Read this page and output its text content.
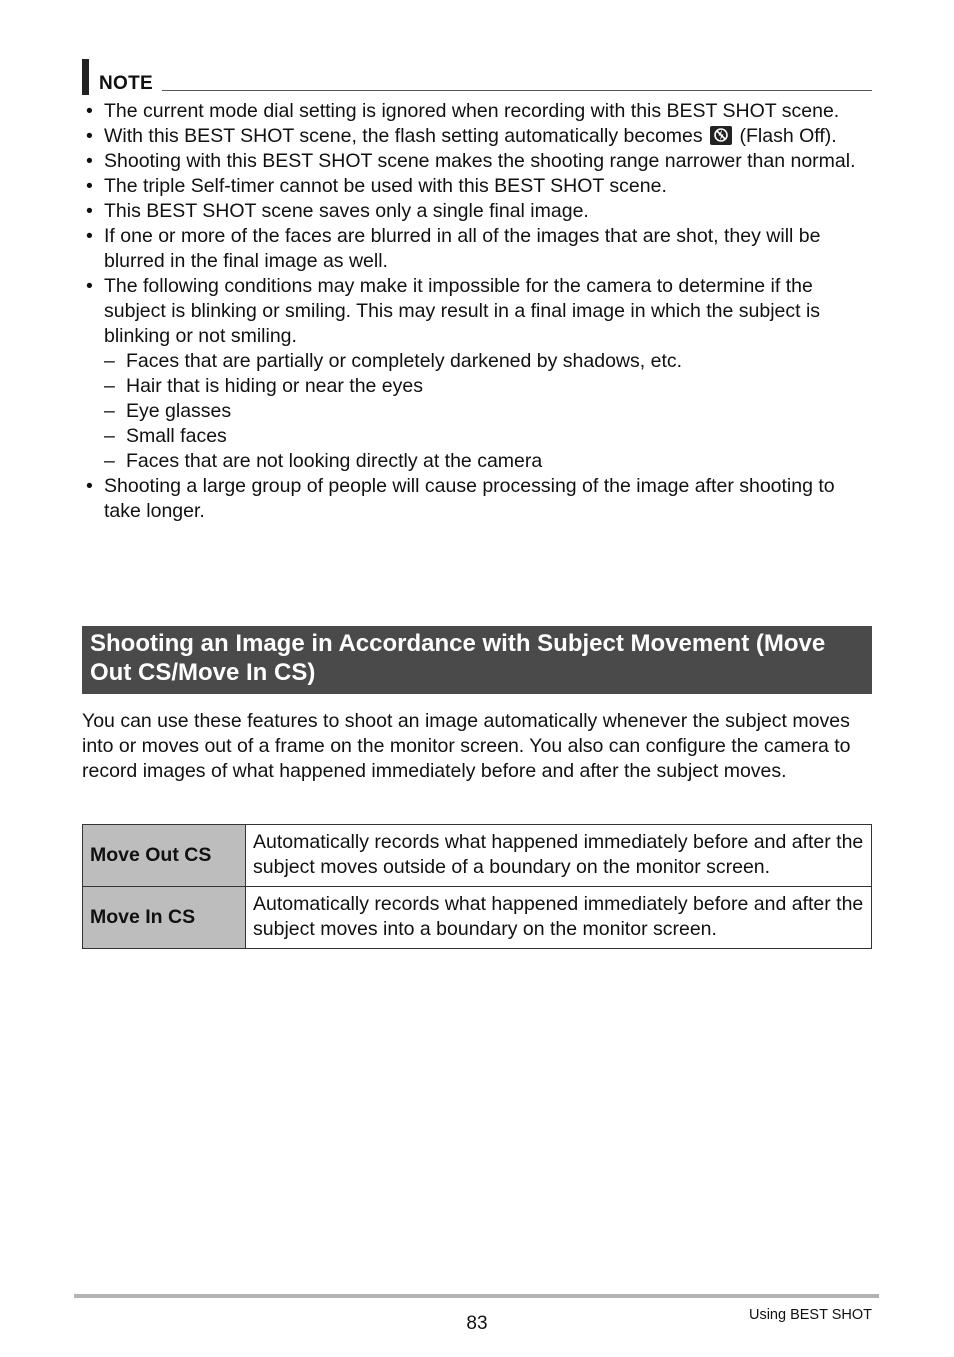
NOTE
• The current mode dial setting is ignored when recording with this BEST SHOT scene.
• With this BEST SHOT scene, the flash setting automatically becomes (Flash Off).
• Shooting with this BEST SHOT scene makes the shooting range narrower than normal.
• The triple Self-timer cannot be used with this BEST SHOT scene.
• This BEST SHOT scene saves only a single final image.
• If one or more of the faces are blurred in all of the images that are shot, they will be blurred in the final image as well.
• The following conditions may make it impossible for the camera to determine if the subject is blinking or smiling. This may result in a final image in which the subject is blinking or not smiling.
– Faces that are partially or completely darkened by shadows, etc.
– Hair that is hiding or near the eyes
– Eye glasses
– Small faces
– Faces that are not looking directly at the camera
• Shooting a large group of people will cause processing of the image after shooting to take longer.
Shooting an Image in Accordance with Subject Movement (Move Out CS/Move In CS)
You can use these features to shoot an image automatically whenever the subject moves into or moves out of a frame on the monitor screen. You also can configure the camera to record images of what happened immediately before and after the subject moves.
Move Out CS	Automatically records what happened immediately before and after the subject moves outside of a boundary on the monitor screen.
Move In CS	Automatically records what happened immediately before and after the subject moves into a boundary on the monitor screen.
83	Using BEST SHOT
